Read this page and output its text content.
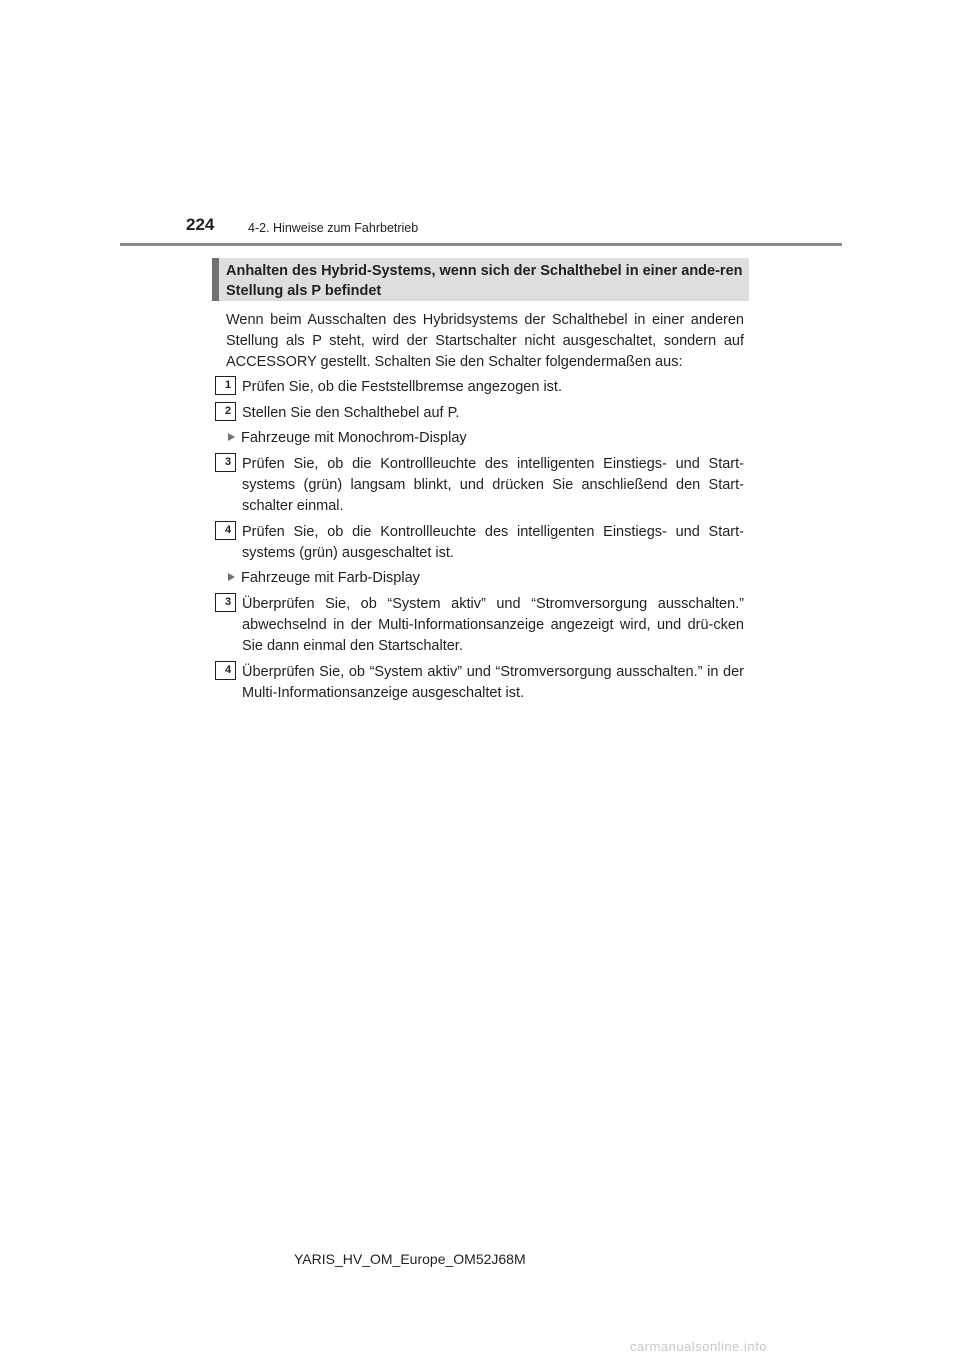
224	4-2. Hinweise zum Fahrbetrieb
Anhalten des Hybrid-Systems, wenn sich der Schalthebel in einer ande-ren Stellung als P befindet
Wenn beim Ausschalten des Hybridsystems der Schalthebel in einer anderen Stellung als P steht, wird der Startschalter nicht ausgeschaltet, sondern auf ACCESSORY gestellt. Schalten Sie den Schalter folgendermaßen aus:
1 Prüfen Sie, ob die Feststellbremse angezogen ist.
2 Stellen Sie den Schalthebel auf P.
Fahrzeuge mit Monochrom-Display
3 Prüfen Sie, ob die Kontrollleuchte des intelligenten Einstiegs- und Start-systems (grün) langsam blinkt, und drücken Sie anschließend den Start-schalter einmal.
4 Prüfen Sie, ob die Kontrollleuchte des intelligenten Einstiegs- und Start-systems (grün) ausgeschaltet ist.
Fahrzeuge mit Farb-Display
3 Überprüfen Sie, ob “System aktiv” und “Stromversorgung ausschalten.” abwechselnd in der Multi-Informationsanzeige angezeigt wird, und drü-cken Sie dann einmal den Startschalter.
4 Überprüfen Sie, ob “System aktiv” und “Stromversorgung ausschalten.” in der Multi-Informationsanzeige ausgeschaltet ist.
YARIS_HV_OM_Europe_OM52J68M
carmanualsonline.info
